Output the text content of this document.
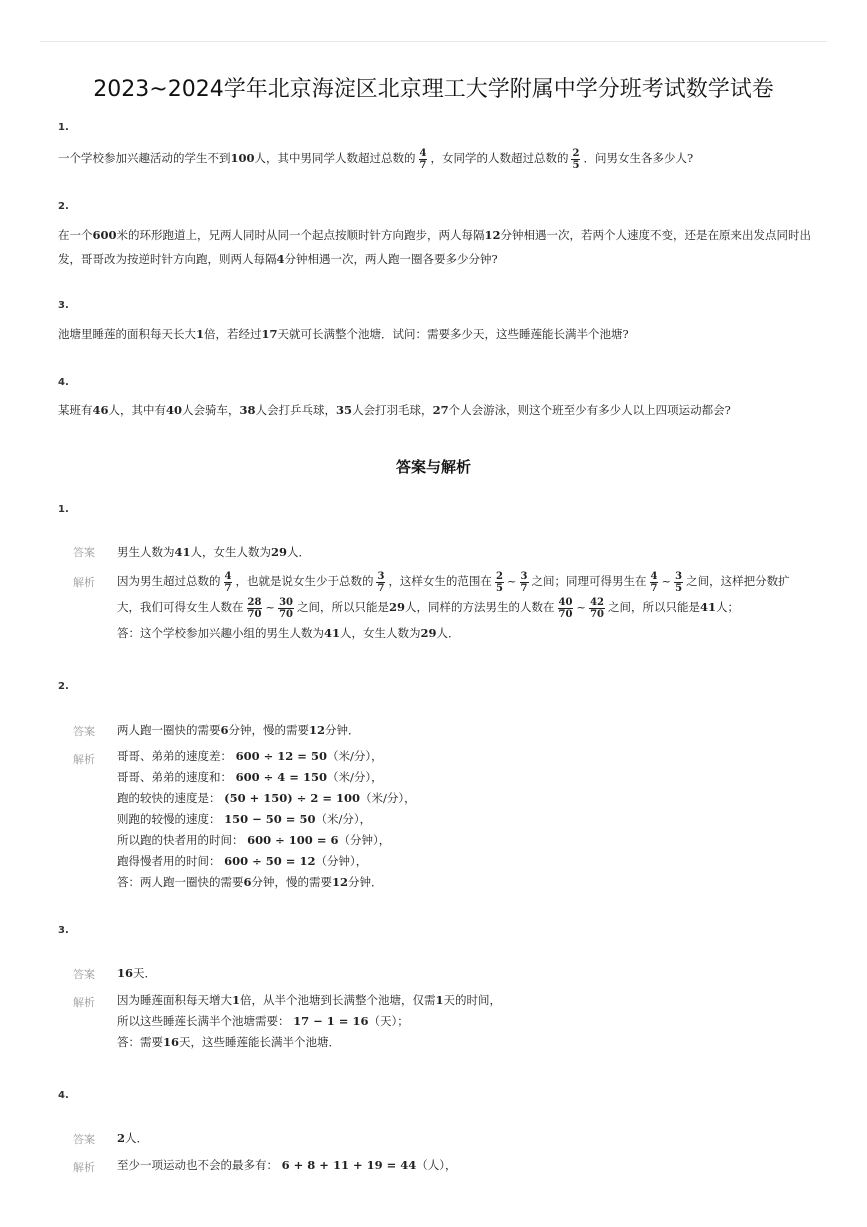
2023~2024学年北京海淀区北京理工大学附属中学分班考试数学试卷
1.
一个学校参加兴趣活动的学生不到100人，其中男同学人数超过总数的 $\frac{4}{7}$ ，女同学的人数超过总数的 $\frac{2}{5}$ ．问男女生各多少人?
2.
在一个600米的环形跑道上，兄两人同时从同一个起点按顺时针方向跑步，两人每隔12分钟相遇一次，若两个人速度不变，还是在原来出发点同时出
发，哥哥改为按逆时针方向跑，则两人每隔4分钟相遇一次，两人跑一圈各要多少分钟?
3.
池塘里睡莲的面积每天长大1倍，若经过17天就可长满整个池塘．试问：需要多少天，这些睡莲能长满半个池塘?
4.
某班有46人，其中有40人会骑车，38人会打乒乓球，35人会打羽毛球，27个人会游泳，则这个班至少有多少人以上四项运动都会?
答案与解析
1.
答案 男生人数为41人，女生人数为29人．
解析 因为男生超过总数的 $\frac{4}{7}$ ，也就是说女生少于总数的 $\frac{3}{7}$ ，这样女生的范围在 $\frac{2}{5}$ ~ $\frac{3}{7}$ 之间；同理可得男生在 $\frac{4}{7}$ ~ $\frac{3}{5}$ 之间，这样把分数扩
大，我们可得女生人数在 $\frac{28}{70}$ ~ $\frac{30}{70}$ 之间，所以只能是29人，同样的方法男生的人数在 $\frac{40}{70}$ ~ $\frac{42}{70}$ 之间，所以只能是41人；
答：这个学校参加兴趣小组的男生人数为41人，女生人数为29人．
2.
答案 两人跑一圈快的需要6分钟，慢的需要12分钟．
解析 哥哥、弟弟的速度差： 600 ÷ 12 = 50（米/分），
哥哥、弟弟的速度和： 600 ÷ 4 = 150（米/分），
跑的较快的速度是： (50 + 150) ÷ 2 = 100（米/分），
则跑的较慢的速度： 150 − 50 = 50（米/分），
所以跑的快者用的时间： 600 ÷ 100 = 6（分钟），
跑得慢者用的时间： 600 ÷ 50 = 12（分钟），
答：两人跑一圈快的需要6分钟，慢的需要12分钟．
3.
答案 16天．
解析 因为睡莲面积每天增大1倍，从半个池塘到长满整个池塘，仅需1天的时间，
所以这些睡莲长满半个池塘需要： 17 − 1 = 16（天）；
答：需要16天，这些睡莲能长满半个池塘．
4.
答案 2人．
解析 至少一项运动也不会的最多有： 6 + 8 + 11 + 19 = 44（人），
